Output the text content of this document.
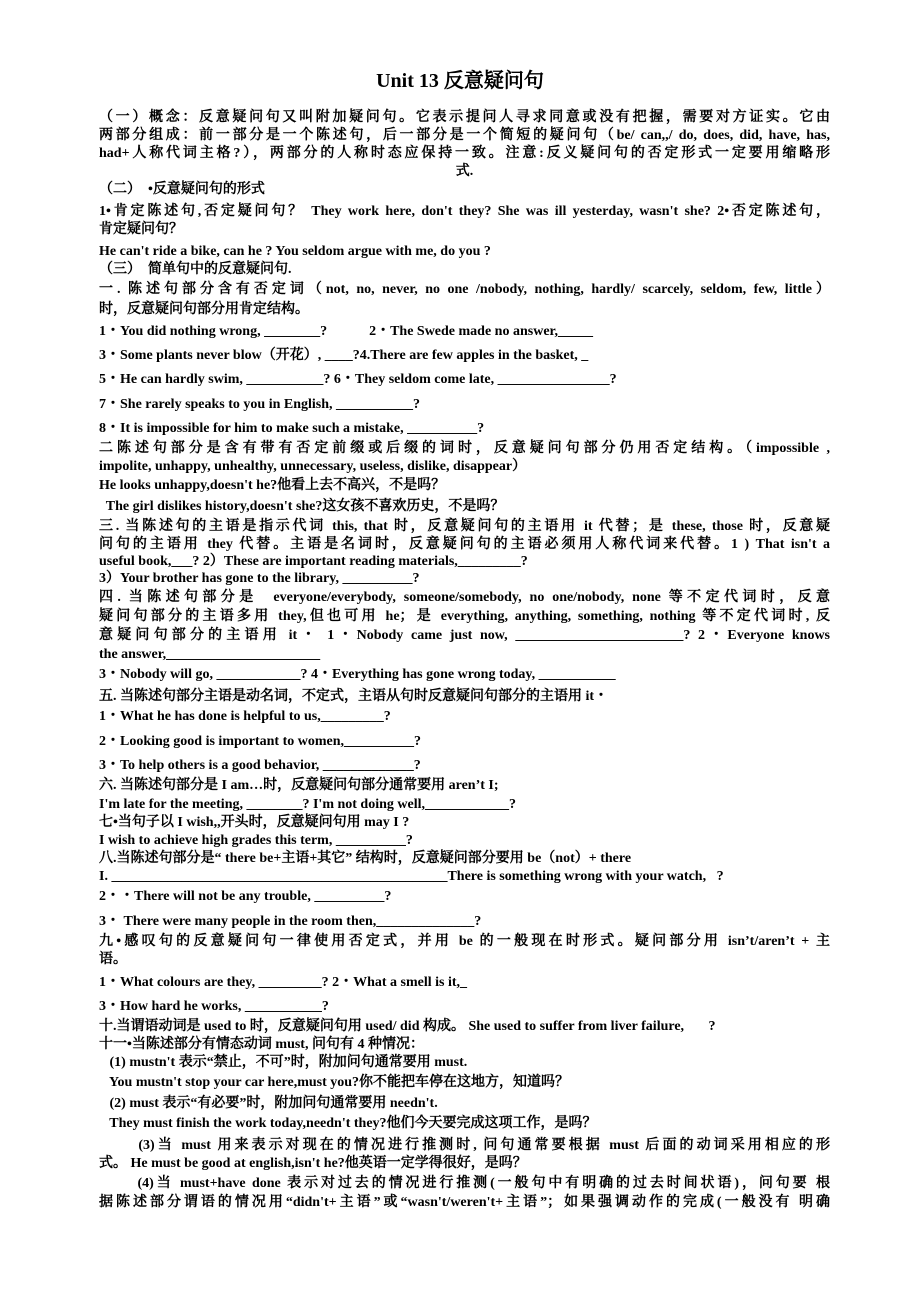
Unit 13 反意疑问句
（一）概念：反意疑问句又叫附加疑问句。它表示提问人寻求同意或没有把握，需要对方证实。它由
两部分组成：前一部分是一个陈述句，后一部分是一个简短的疑问句（be/ can,,/ do, does, did, have, has,
had+人称代词主格?），两部分的人称时态应保持一致。注意:反义疑问句的否定形式一定要用缩略形
式.
（二）  •反意疑问句的形式
1•肯定陈述句,否定疑问句？ They work here, don't they? She was ill yesterday, wasn't she? 2•否定陈述句，
肯定疑问句？
He can't ride a bike, can he ? You seldom argue with me, do you ?
（三）  简单句中的反意疑问句.
一. 陈述句部分含有否定词（not, no, never, no one /nobody, nothing, hardly/ scarcely, seldom, few, little）
时，反意疑问句部分用肯定结构。
1・You did nothing wrong, ________?            2・The Swede made no answer,_____
3・Some plants never blow（开花）, ____?4.There are few apples in the basket, _
5・He can hardly swim, ___________? 6・They seldom come late, ________________?
7・She rarely speaks to you in English, ___________?
8・It is impossible for him to make such a mistake, __________?
二陈述句部分是含有带有否定前缀或后缀的词时，反意疑问句部分仍用否定结构。（impossible ,
impolite, unhappy, unhealthy, unnecessary, useless, dislike, disappear）
He looks unhappy,doesn't he?他看上去不高兴，不是吗？
The girl dislikes history,doesn't she?这女孩不喜欢历史，不是吗？
三. 当陈述句的主语是指示代词 this, that 时，反意疑问句的主语用 it 代替；是 these, those 时，反意疑
问句的主语用 they 代替。主语是名词时，反意疑问句的主语必须用人称代词来代替。1 ) That isn't a
useful book,___? 2）These are important reading materials,_________?
3）Your brother has gone to the library, __________?
四. 当陈述句部分是  everyone/everybody, someone/somebody, no one/nobody, none 等不定代词时，反意
疑问句部分的主语多用 they,但也可用 he；是 everything, anything, something, nothing 等不定代词时, 反
意疑问句部分的主语用 it・ 1・Nobody came just now, ________________________? 2・Everyone knows
the answer,______________________
3・Nobody will go, ____________? 4・Everything has gone wrong today, ___________
五. 当陈述句部分主语是动名词，不定式，主语从句时反意疑问句部分的主语用 it・
1・What he has done is helpful to us,_________?
2・Looking good is important to women,__________?
3・To help others is a good behavior, _____________?
六. 当陈述句部分是 I am…时，反意疑问句部分通常要用 aren’t I;
I'm late for the meeting, ________? I'm not doing well,____________?
七•当句子以 I wish,,开头时，反意疑问句用 may I ?
I wish to achieve high grades this term, __________?
八.当陈述句部分是“ there be+主语+其它” 结构时，反意疑问部分要用 be（not）+ there
I. ________________________________________________There is something wrong with your watch,   ?
2・・There will not be any trouble, __________?
3・ There were many people in the room then,______________?
九•感叹句的反意疑问句一律使用否定式，并用 be 的一般现在时形式。疑问部分用 isn’t/aren’t + 主
语。
1・What colours are they, _________? 2・What a smell is it,_
3・How hard he works, ___________?
十.当谓语动词是 used to 时，反意疑问句用 used/ did 构成。 She used to suffer from liver failure,       ?
十一•当陈述部分有情态动词 must, 问句有 4 种情况：
(1) mustn't 表示“禁止，不可”时，附加问句通常要用 must.
You mustn't stop your car here,must you?你不能把车停在这地方，知道吗？
(2) must 表示“有必要”时，附加问句通常要用 needn't.
They must finish the work today,needn't they?他们今天要完成这项工作，是吗？
(3)当 must 用来表示对现在的情况进行推测时, 问句通常要根据 must 后面的动词采用相应的形
式。 He must be good at english,isn't he?他英语一定学得很好，是吗？
(4)当 must+have done 表示对过去的情况进行推测(一般句中有明确的过去时间状语)，问句要 根
据陈述部分谓语的情况用“didn't+主语”或“wasn't/weren't+主语”；如果强调动作的完成(一般没有 明确
